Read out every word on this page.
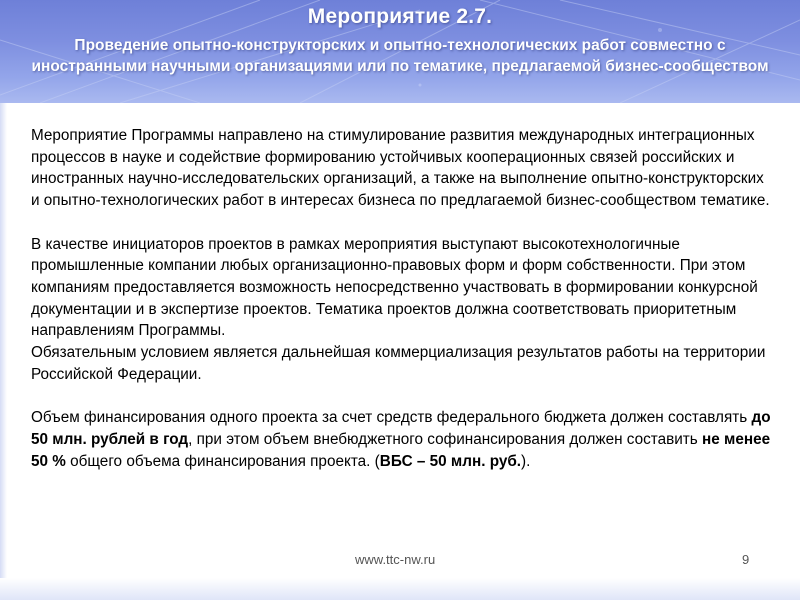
Мероприятие 2.7.
Проведение опытно-конструкторских и опытно-технологических работ совместно с иностранными научными организациями или по тематике, предлагаемой бизнес-сообществом

Мероприятие Программы направлено на стимулирование развития международных интеграционных процессов в науке и содействие формированию устойчивых кооперационных связей российских и иностранных научно-исследовательских организаций, а также на выполнение опытно-конструкторских и опытно-технологических работ в интересах бизнеса по предлагаемой бизнес-сообществом тематике.

В качестве инициаторов проектов в рамках мероприятия выступают высокотехнологичные промышленные компании любых организационно-правовых форм и форм собственности. При этом компаниям предоставляется возможность непосредственно участвовать в формировании конкурсной документации и в экспертизе проектов. Тематика проектов должна соответствовать приоритетным направлениям Программы.

Обязательным условием является дальнейшая коммерциализация результатов работы на территории Российской Федерации.

Объем финансирования одного проекта за счет средств федерального бюджета должен составлять до 50 млн. рублей в год, при этом объем внебюджетного софинансирования должен составить не менее 50 % общего объема финансирования проекта. (ВБС – 50 млн. руб.).

www.ttc-nw.ru	9
